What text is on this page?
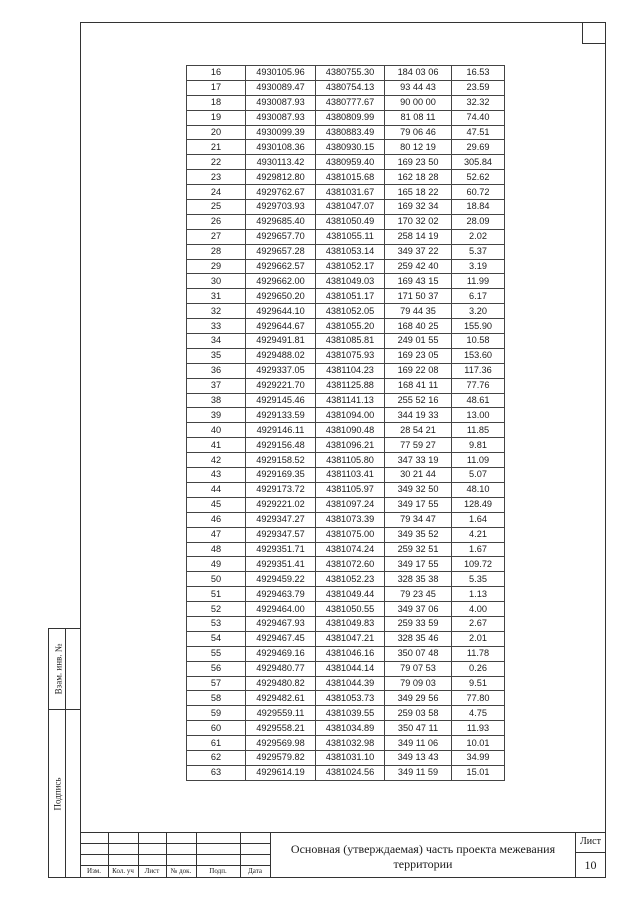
Взам. инв. №
Подпись
16	4930105.96	4380755.30	184 03 06	16.53
17	4930089.47	4380754.13	93 44 43	23.59
18	4930087.93	4380777.67	90 00 00	32.32
19	4930087.93	4380809.99	81 08 11	74.40
20	4930099.39	4380883.49	79 06 46	47.51
21	4930108.36	4380930.15	80 12 19	29.69
22	4930113.42	4380959.40	169 23 50	305.84
23	4929812.80	4381015.68	162 18 28	52.62
24	4929762.67	4381031.67	165 18 22	60.72
25	4929703.93	4381047.07	169 32 34	18.84
26	4929685.40	4381050.49	170 32 02	28.09
27	4929657.70	4381055.11	258 14 19	2.02
28	4929657.28	4381053.14	349 37 22	5.37
29	4929662.57	4381052.17	259 42 40	3.19
30	4929662.00	4381049.03	169 43 15	11.99
31	4929650.20	4381051.17	171 50 37	6.17
32	4929644.10	4381052.05	79 44 35	3.20
33	4929644.67	4381055.20	168 40 25	155.90
34	4929491.81	4381085.81	249 01 55	10.58
35	4929488.02	4381075.93	169 23 05	153.60
36	4929337.05	4381104.23	169 22 08	117.36
37	4929221.70	4381125.88	168 41 11	77.76
38	4929145.46	4381141.13	255 52 16	48.61
39	4929133.59	4381094.00	344 19 33	13.00
40	4929146.11	4381090.48	28 54 21	11.85
41	4929156.48	4381096.21	77 59 27	9.81
42	4929158.52	4381105.80	347 33 19	11.09
43	4929169.35	4381103.41	30 21 44	5.07
44	4929173.72	4381105.97	349 32 50	48.10
45	4929221.02	4381097.24	349 17 55	128.49
46	4929347.27	4381073.39	79 34 47	1.64
47	4929347.57	4381075.00	349 35 52	4.21
48	4929351.71	4381074.24	259 32 51	1.67
49	4929351.41	4381072.60	349 17 55	109.72
50	4929459.22	4381052.23	328 35 38	5.35
51	4929463.79	4381049.44	79 23 45	1.13
52	4929464.00	4381050.55	349 37 06	4.00
53	4929467.93	4381049.83	259 33 59	2.67
54	4929467.45	4381047.21	328 35 46	2.01
55	4929469.16	4381046.16	350 07 48	11.78
56	4929480.77	4381044.14	79 07 53	0.26
57	4929480.82	4381044.39	79 09 03	9.51
58	4929482.61	4381053.73	349 29 56	77.80
59	4929559.11	4381039.55	259 03 58	4.75
60	4929558.21	4381034.89	350 47 11	11.93
61	4929569.98	4381032.98	349 11 06	10.01
62	4929579.82	4381031.10	349 13 43	34.99
63	4929614.19	4381024.56	349 11 59	15.01
Изм.	Кол. уч	Лист	№ док.	Подп.	Дата
Основная (утверждаемая) часть проекта межевания территории
Лист
10
